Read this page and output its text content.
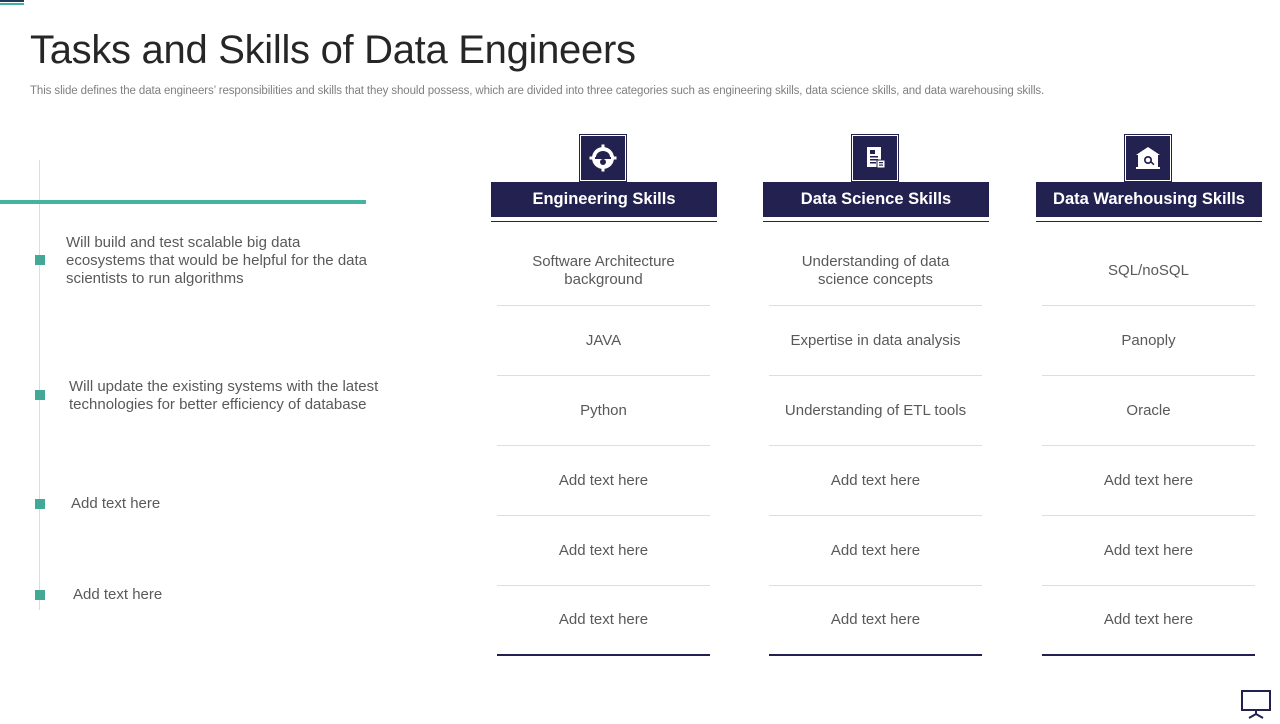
Tasks and Skills of Data Engineers

This slide defines the data engineers’ responsibilities and skills that they should possess, which are divided into three categories such as engineering skills, data science skills, and data warehousing skills.

Will build and test scalable big data ecosystems that would be helpful for the data scientists to run algorithms
Will update the existing systems with the latest technologies for better efficiency of database
Add text here
Add text here
Engineering Skills
Software Architecture background
JAVA
Python
Add text here
Add text here
Add text here
Data Science Skills
Understanding of data science concepts
Expertise in data analysis
Understanding of ETL tools
Add text here
Add text here
Add text here
Data Warehousing Skills
SQL/noSQL
Panoply
Oracle
Add text here
Add text here
Add text here
